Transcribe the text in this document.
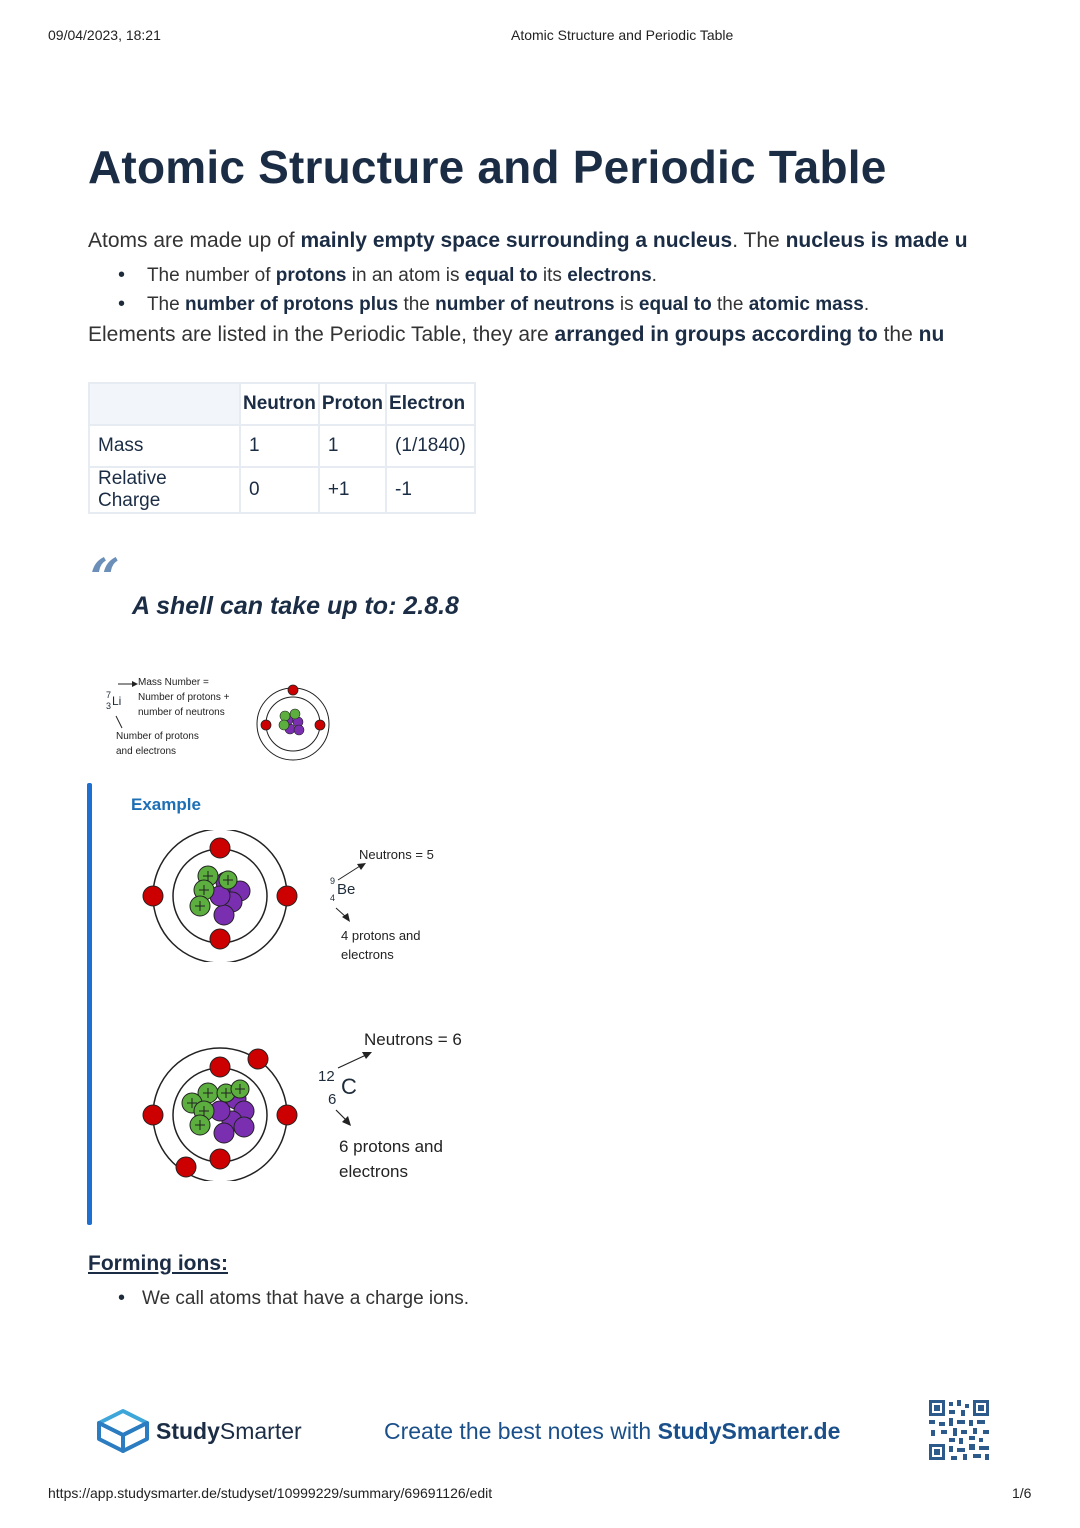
09/04/2023, 18:21	Atomic Structure and Periodic Table
Atomic Structure and Periodic Table
Atoms are made up of mainly empty space surrounding a nucleus. The nucleus is made u
• The number of protons in an atom is equal to its electrons.
• The number of protons plus the number of neutrons is equal to the atomic mass.
Elements are listed in the Periodic Table, they are arranged in groups according to the nu
	Neutron	Proton	Electron
Mass	1	1	(1/1840)
Relative Charge	0	+1	-1
“ A shell can take up to: 2.8.8
7
3 Li
Mass Number =
Number of protons +
number of neutrons
Number of protons
and electrons
Example
Neutrons = 5
9
4 Be
4 protons and
electrons
Neutrons = 6
12
6
C
6 protons and
electrons
Forming ions:
• We call atoms that have a charge ions.
StudySmarter	Create the best notes with StudySmarter.de
https://app.studysmarter.de/studyset/10999229/summary/69691126/edit	1/6
